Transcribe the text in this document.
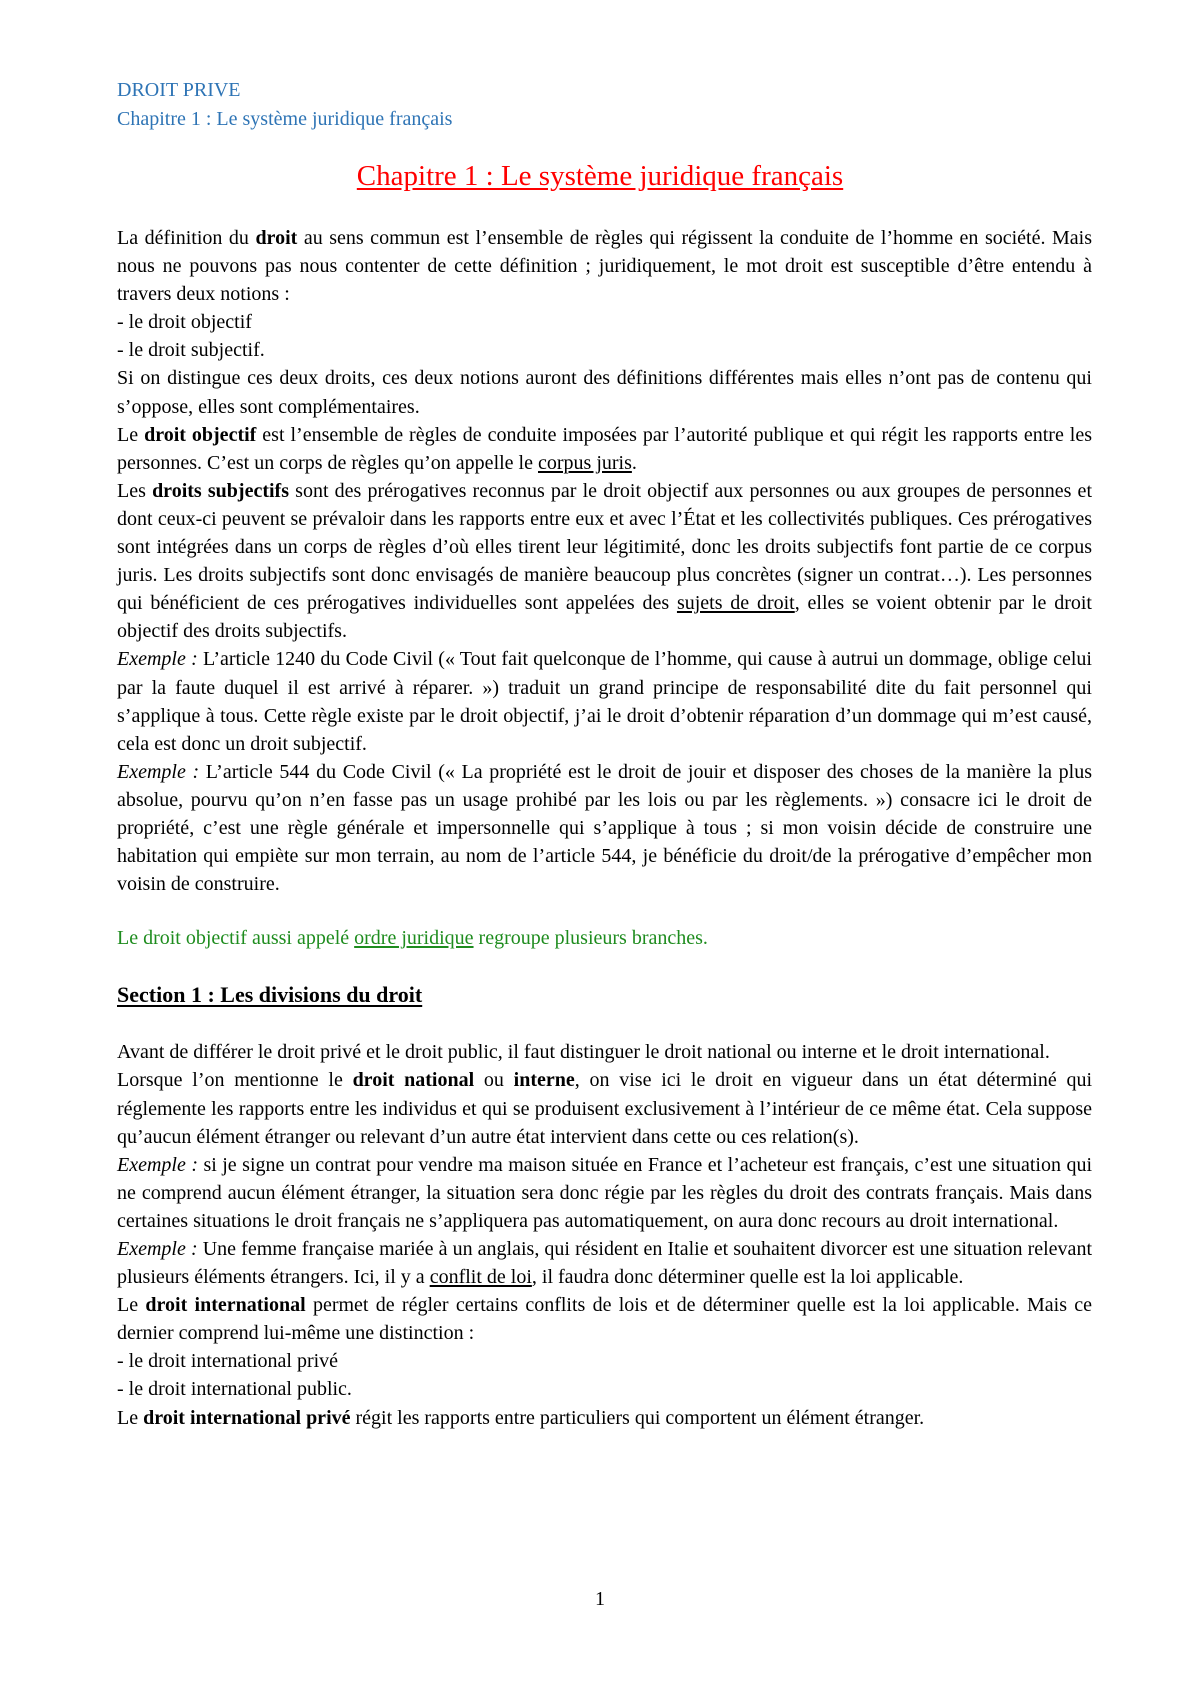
DROIT PRIVE
Chapitre 1 : Le système juridique français
Chapitre 1 : Le système juridique français

La définition du droit au sens commun est l’ensemble de règles qui régissent la conduite de l’homme en société. Mais nous ne pouvons pas nous contenter de cette définition ; juridiquement, le mot droit est susceptible d’être entendu à travers deux notions :

- le droit objectif

- le droit subjectif.

Si on distingue ces deux droits, ces deux notions auront des définitions différentes mais elles n’ont pas de contenu qui s’oppose, elles sont complémentaires.

Le droit objectif est l’ensemble de règles de conduite imposées par l’autorité publique et qui régit les rapports entre les personnes. C’est un corps de règles qu’on appelle le corpus juris.

Les droits subjectifs sont des prérogatives reconnus par le droit objectif aux personnes ou aux groupes de personnes et dont ceux-ci peuvent se prévaloir dans les rapports entre eux et avec l’État et les collectivités publiques. Ces prérogatives sont intégrées dans un corps de règles d’où elles tirent leur légitimité, donc les droits subjectifs font partie de ce corpus juris. Les droits subjectifs sont donc envisagés de manière beaucoup plus concrètes (signer un contrat…). Les personnes qui bénéficient de ces prérogatives individuelles sont appelées des sujets de droit, elles se voient obtenir par le droit objectif des droits subjectifs.

Exemple : L’article 1240 du Code Civil (« Tout fait quelconque de l’homme, qui cause à autrui un dommage, oblige celui par la faute duquel il est arrivé à réparer. ») traduit un grand principe de responsabilité dite du fait personnel qui s’applique à tous. Cette règle existe par le droit objectif, j’ai le droit d’obtenir réparation d’un dommage qui m’est causé, cela est donc un droit subjectif.

Exemple : L’article 544 du Code Civil (« La propriété est le droit de jouir et disposer des choses de la manière la plus absolue, pourvu qu’on n’en fasse pas un usage prohibé par les lois ou par les règlements. ») consacre ici le droit de propriété, c’est une règle générale et impersonnelle qui s’applique à tous ; si mon voisin décide de construire une habitation qui empiète sur mon terrain, au nom de l’article 544, je bénéficie du droit/de la prérogative d’empêcher mon voisin de construire.

Le droit objectif aussi appelé ordre juridique regroupe plusieurs branches.

Section 1 : Les divisions du droit

Avant de différer le droit privé et le droit public, il faut distinguer le droit national ou interne et le droit international.

Lorsque l’on mentionne le droit national ou interne, on vise ici le droit en vigueur dans un état déterminé qui réglemente les rapports entre les individus et qui se produisent exclusivement à l’intérieur de ce même état. Cela suppose qu’aucun élément étranger ou relevant d’un autre état intervient dans cette ou ces relation(s).

Exemple : si je signe un contrat pour vendre ma maison située en France et l’acheteur est français, c’est une situation qui ne comprend aucun élément étranger, la situation sera donc régie par les règles du droit des contrats français. Mais dans certaines situations le droit français ne s’appliquera pas automatiquement, on aura donc recours au droit international.

Exemple : Une femme française mariée à un anglais, qui résident en Italie et souhaitent divorcer est une situation relevant plusieurs éléments étrangers. Ici, il y a conflit de loi, il faudra donc déterminer quelle est la loi applicable.

Le droit international permet de régler certains conflits de lois et de déterminer quelle est la loi applicable. Mais ce dernier comprend lui-même une distinction :

- le droit international privé

- le droit international public.

Le droit international privé régit les rapports entre particuliers qui comportent un élément étranger.

1
